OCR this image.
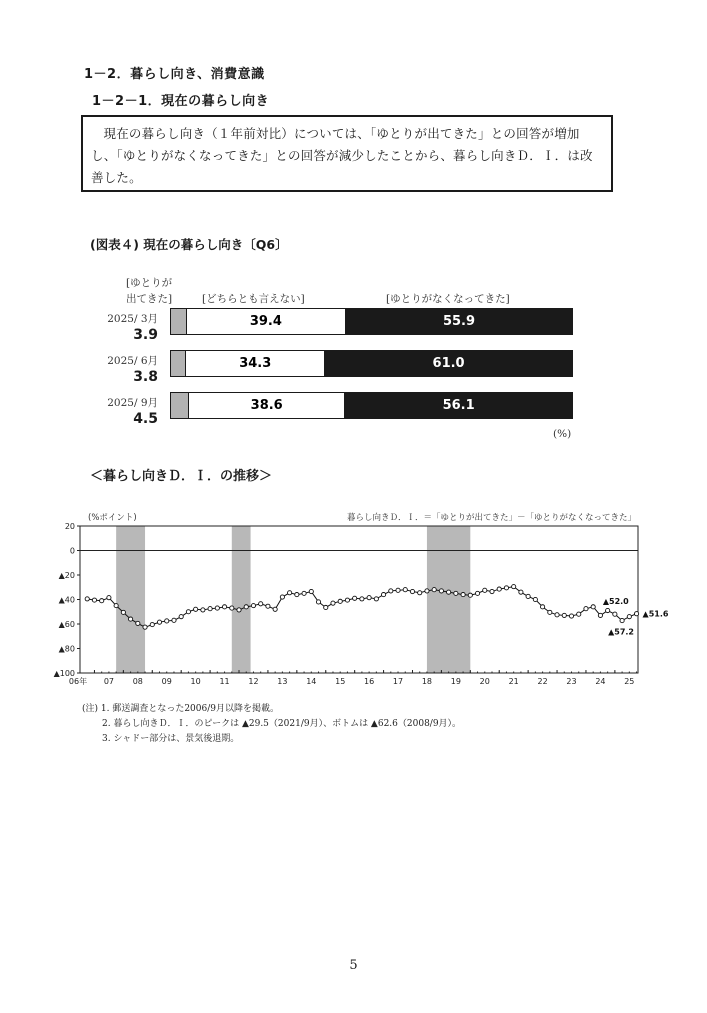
1－2．暮らし向き、消費意識
1－2－1．現在の暮らし向き
現在の暮らし向き（１年前対比）については、「ゆとりが出てきた」との回答が増加し、「ゆとりがなくなってきた」との回答が減少したことから、暮らし向きＤ．Ｉ．は改善した。
(図表４) 現在の暮らし向き〔Q6〕
[ゆとりが
出てきた]	[どちらとも言えない]	[ゆとりがなくなってきた]
2025/ 3月
3.9
39.4	55.9
2025/ 6月
3.8
34.3	61.0
2025/ 9月
4.5
38.6	56.1
(%)
＜暮らし向きＤ．Ｉ．の推移＞
20
0
▲20
▲40
▲60
▲80
▲100
06年 07 08 09 10 11 12 13 14 15 16 17 18 19 20 21 22 23 24 25
(%ポイント)	暮らし向きＤ．Ｉ．＝「ゆとりが出てきた」－「ゆとりがなくなってきた」
▲52.0
▲57.2
▲51.6
(注) 1. 郵送調査となった2006/9月以降を掲載。
2. 暮らし向きＤ．Ｉ．のピークは ▲29.5（2021/9月）、ボトムは ▲62.6（2008/9月）。
3. シャドー部分は、景気後退期。
5
